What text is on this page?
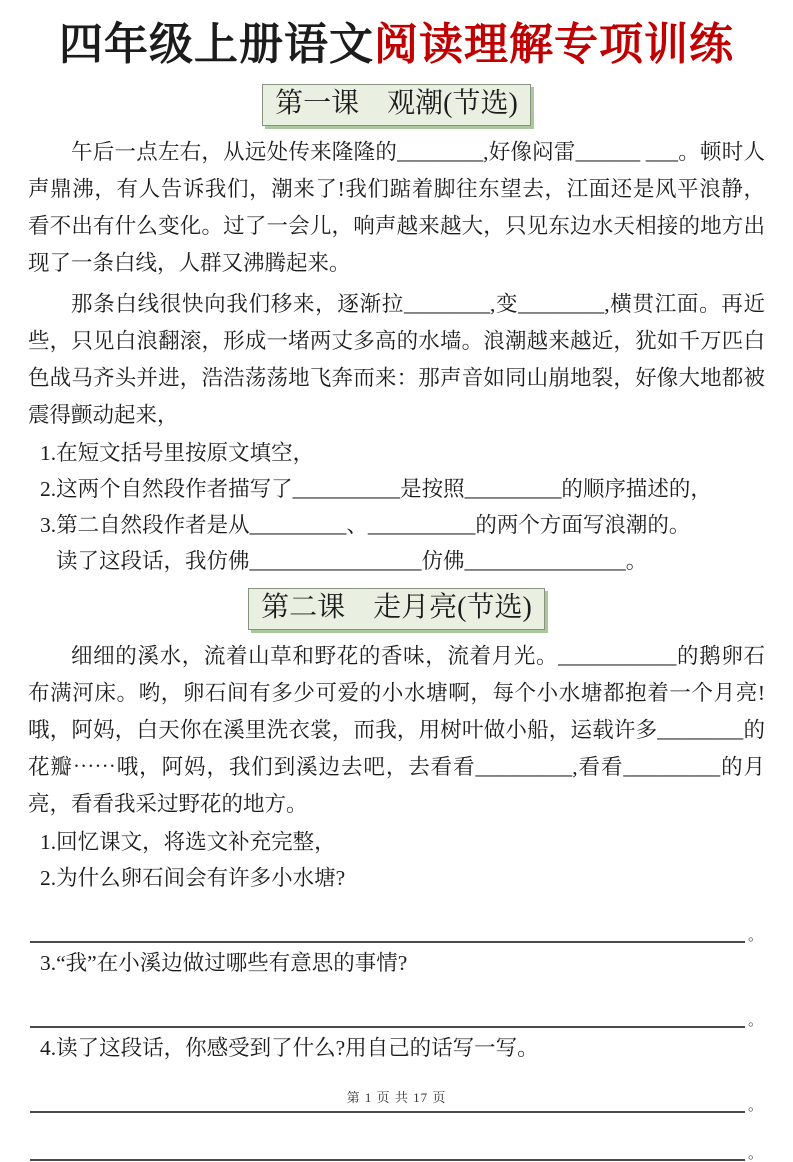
四年级上册语文阅读理解专项训练
第一课　观潮(节选)

午后一点左右，从远处传来隆隆的________,好像闷雷______ ___。顿时人声鼎沸，有人告诉我们，潮来了!我们踮着脚往东望去，江面还是风平浪静，看不出有什么变化。过了一会儿，响声越来越大，只见东边水天相接的地方出现了一条白线，人群又沸腾起来。

那条白线很快向我们移来，逐渐拉________,变________,横贯江面。再近些，只见白浪翻滚，形成一堵两丈多高的水墙。浪潮越来越近，犹如千万匹白色战马齐头并进，浩浩荡荡地飞奔而来：那声音如同山崩地裂，好像大地都被震得颤动起来，

1.在短文括号里按原文填空，

2.这两个自然段作者描写了__________是按照_________的顺序描述的，

3.第二自然段作者是从_________、__________的两个方面写浪潮的。

读了这段话，我仿佛________________仿佛_______________。

第二课　走月亮(节选)

细细的溪水，流着山草和野花的香味，流着月光。___________的鹅卵石布满河床。哟，卵石间有多少可爱的小水塘啊，每个小水塘都抱着一个月亮!哦，阿妈，白天你在溪里洗衣裳，而我，用树叶做小船，运载许多________的花瓣⋯⋯哦，阿妈，我们到溪边去吧，去看看_________,看看_________的月亮，看看我采过野花的地方。

1.回忆课文，将选文补充完整，

2.为什么卵石间会有许多小水塘?

。

3.“我”在小溪边做过哪些有意思的事情?

。

4.读了这段话，你感受到了什么?用自己的话写一写。

。
。
第 1 页 共 17 页
